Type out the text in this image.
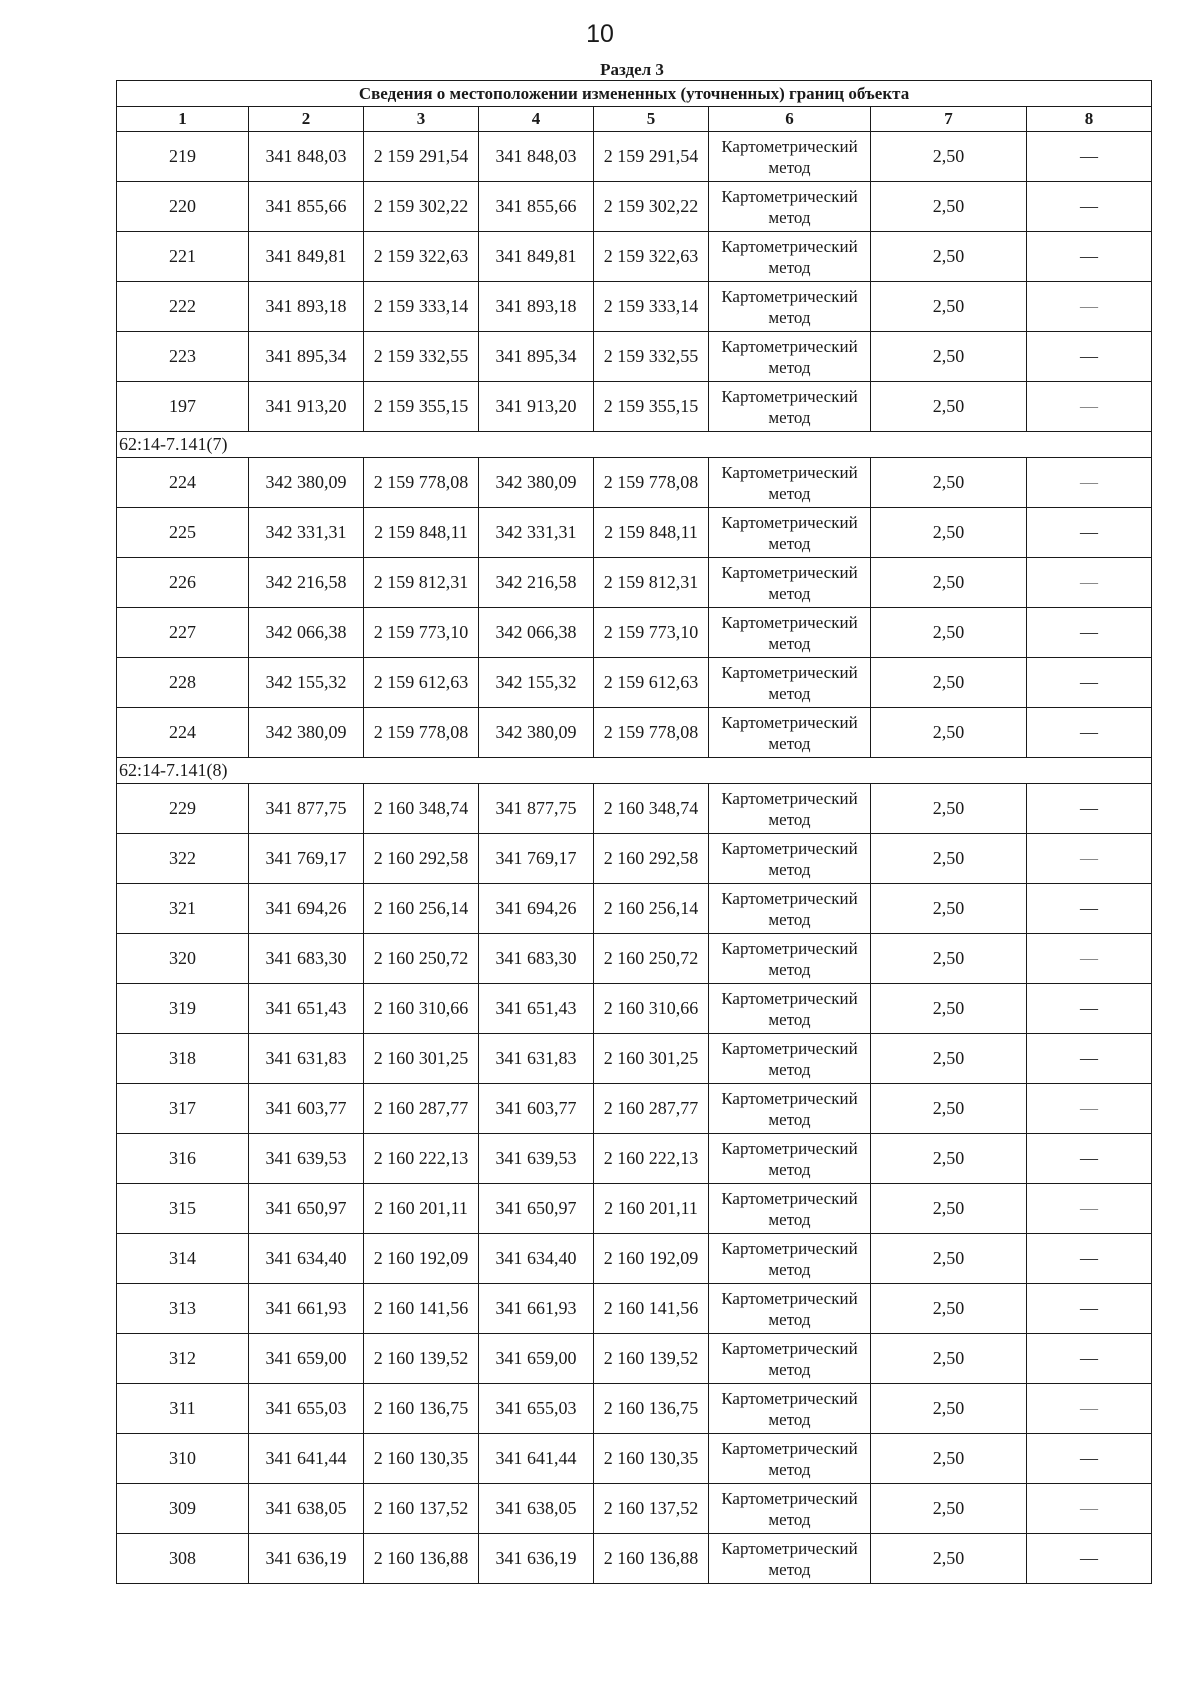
10
Раздел 3
Сведения о местоположении измененных (уточненных) границ объекта							
1	2	3	4	5	6	7	8
219	341 848,03	2 159 291,54	341 848,03	2 159 291,54	Картометрический метод	2,50	—
220	341 855,66	2 159 302,22	341 855,66	2 159 302,22	Картометрический метод	2,50	—
221	341 849,81	2 159 322,63	341 849,81	2 159 322,63	Картометрический метод	2,50	—
222	341 893,18	2 159 333,14	341 893,18	2 159 333,14	Картометрический метод	2,50	—
223	341 895,34	2 159 332,55	341 895,34	2 159 332,55	Картометрический метод	2,50	—
197	341 913,20	2 159 355,15	341 913,20	2 159 355,15	Картометрический метод	2,50	—
62:14-7.141(7)							
224	342 380,09	2 159 778,08	342 380,09	2 159 778,08	Картометрический метод	2,50	—
225	342 331,31	2 159 848,11	342 331,31	2 159 848,11	Картометрический метод	2,50	—
226	342 216,58	2 159 812,31	342 216,58	2 159 812,31	Картометрический метод	2,50	—
227	342 066,38	2 159 773,10	342 066,38	2 159 773,10	Картометрический метод	2,50	—
228	342 155,32	2 159 612,63	342 155,32	2 159 612,63	Картометрический метод	2,50	—
224	342 380,09	2 159 778,08	342 380,09	2 159 778,08	Картометрический метод	2,50	—
62:14-7.141(8)							
229	341 877,75	2 160 348,74	341 877,75	2 160 348,74	Картометрический метод	2,50	—
322	341 769,17	2 160 292,58	341 769,17	2 160 292,58	Картометрический метод	2,50	—
321	341 694,26	2 160 256,14	341 694,26	2 160 256,14	Картометрический метод	2,50	—
320	341 683,30	2 160 250,72	341 683,30	2 160 250,72	Картометрический метод	2,50	—
319	341 651,43	2 160 310,66	341 651,43	2 160 310,66	Картометрический метод	2,50	—
318	341 631,83	2 160 301,25	341 631,83	2 160 301,25	Картометрический метод	2,50	—
317	341 603,77	2 160 287,77	341 603,77	2 160 287,77	Картометрический метод	2,50	—
316	341 639,53	2 160 222,13	341 639,53	2 160 222,13	Картометрический метод	2,50	—
315	341 650,97	2 160 201,11	341 650,97	2 160 201,11	Картометрический метод	2,50	—
314	341 634,40	2 160 192,09	341 634,40	2 160 192,09	Картометрический метод	2,50	—
313	341 661,93	2 160 141,56	341 661,93	2 160 141,56	Картометрический метод	2,50	—
312	341 659,00	2 160 139,52	341 659,00	2 160 139,52	Картометрический метод	2,50	—
311	341 655,03	2 160 136,75	341 655,03	2 160 136,75	Картометрический метод	2,50	—
310	341 641,44	2 160 130,35	341 641,44	2 160 130,35	Картометрический метод	2,50	—
309	341 638,05	2 160 137,52	341 638,05	2 160 137,52	Картометрический метод	2,50	—
308	341 636,19	2 160 136,88	341 636,19	2 160 136,88	Картометрический метод	2,50	—
